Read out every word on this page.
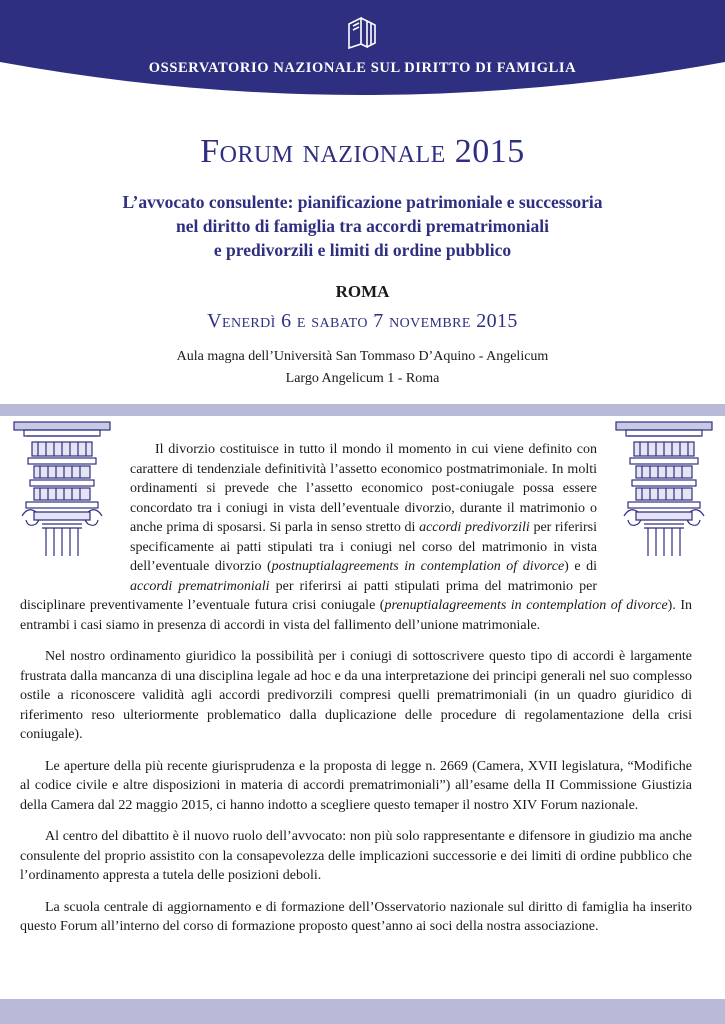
OSSERVATORIO NAZIONALE SUL DIRITTO DI FAMIGLIA
Forum nazionale 2015
L’avvocato consulente: pianificazione patrimoniale e successoria
nel diritto di famiglia tra accordi prematrimoniali
e predivorzili e limiti di ordine pubblico
ROMA
Venerdì 6 e sabato 7 novembre 2015
Aula magna dell’Università San Tommaso D’Aquino - Angelicum
Largo Angelicum 1 - Roma

Il divorzio costituisce in tutto il mondo il momento in cui viene definito con carattere di tendenziale definitività l’assetto economico postmatrimoniale. In molti ordinamenti si prevede che l’assetto economico post-coniugale possa essere concordato tra i coniugi in vista dell’eventuale divorzio, durante il matrimonio o anche prima di sposarsi. Si parla in senso stretto di accordi predivorzili per riferirsi specificamente ai patti stipulati tra i coniugi nel corso del matrimonio in vista dell’eventuale divorzio (postnuptialagreements in contemplation of divorce) e di accordi prematrimoniali per riferirsi ai patti stipulati prima del matrimonio per disciplinare preventivamente l’eventuale futura crisi coniugale (prenuptialagreements in contemplation of divorce). In entrambi i casi siamo in presenza di accordi in vista del fallimento dell’unione matrimoniale.

Nel nostro ordinamento giuridico la possibilità per i coniugi di sottoscrivere questo tipo di accordi è largamente frustrata dalla mancanza di una disciplina legale ad hoc e da una interpretazione dei principi generali nel suo complesso ostile a riconoscere validità agli accordi predivorzili compresi quelli prematrimoniali (in un quadro giuridico di riferimento reso ulteriormente problematico dalla duplicazione delle procedure di regolamentazione della crisi coniugale).

Le aperture della più recente giurisprudenza e la proposta di legge n. 2669 (Camera, XVII legislatura, “Modifiche al codice civile e altre disposizioni in materia di accordi prematrimoniali”) all’esame della II Commissione Giustizia della Camera dal 22 maggio 2015, ci hanno indotto a scegliere questo temaper il nostro XIV Forum nazionale.

Al centro del dibattito è il nuovo ruolo dell’avvocato: non più solo rappresentante e difensore in giudizio ma anche consulente del proprio assistito con la consapevolezza delle implicazioni successorie e dei limiti di ordine pubblico che l’ordinamento appresta a tutela delle posizioni deboli.

La scuola centrale di aggiornamento e di formazione dell’Osservatorio nazionale sul diritto di famiglia ha inserito questo Forum all’interno del corso di formazione proposto quest’anno ai soci della nostra associazione.
